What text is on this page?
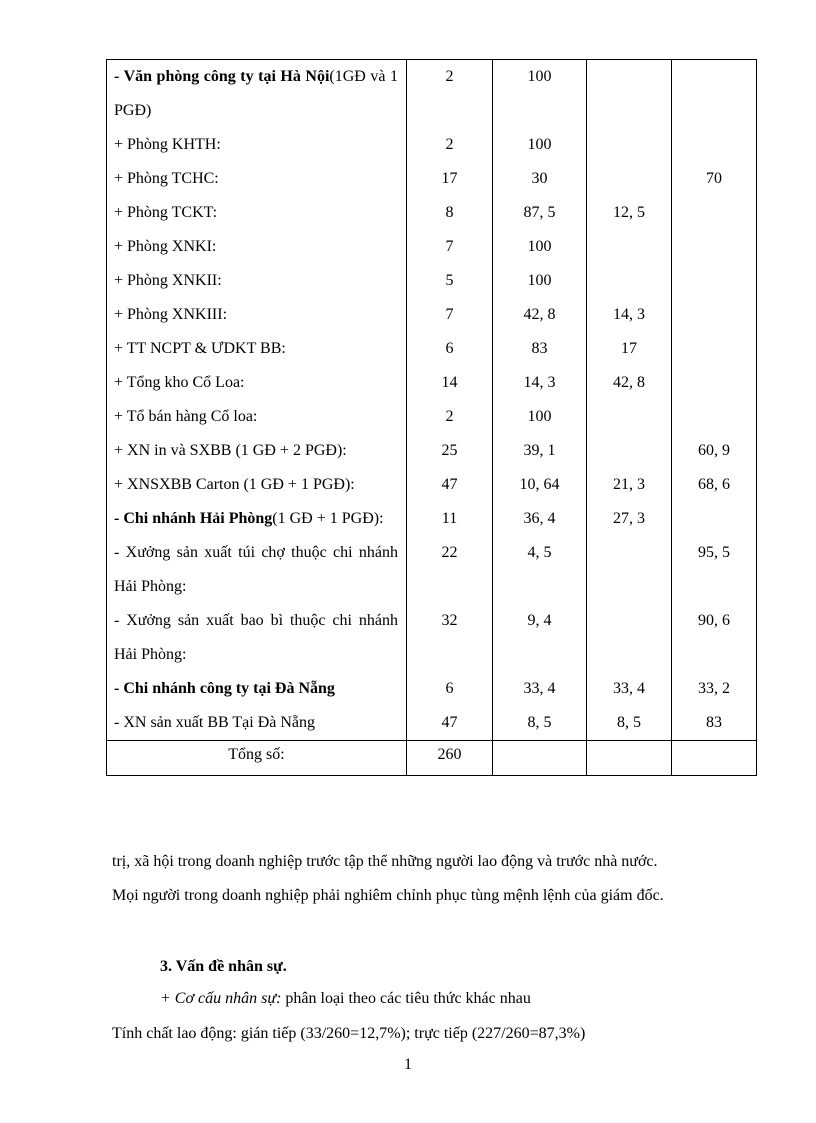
- Văn phòng công ty tại Hà Nội(1GĐ và 1 PGĐ)	2	100		
+ Phòng KHTH:	2	100		
+ Phòng TCHC:	17	30		70
+ Phòng TCKT:	8	87, 5	12, 5	
+ Phòng XNKI:	7	100		
+ Phòng XNKII:	5	100		
+ Phòng XNKIII:	7	42, 8	14, 3	
+ TT NCPT & ƯDKT BB:	6	83	17	
+ Tổng kho Cổ Loa:	14	14, 3	42, 8	
+ Tổ bán hàng Cổ loa:	2	100		
+ XN in và SXBB (1 GĐ + 2 PGĐ):	25	39, 1		60, 9
+ XNSXBB Carton (1 GĐ + 1 PGĐ):	47	10, 64	21, 3	68, 6
- Chi nhánh Hải Phòng(1 GĐ + 1 PGĐ):	11	36, 4	27, 3	
- Xưởng sản xuất túi chợ thuộc chi nhánh Hải Phòng:	22	4, 5		95, 5
- Xưởng sản xuất bao bì thuộc chi nhánh Hải Phòng:	32	9, 4		90, 6
- Chi nhánh công ty tại Đà Nẵng	6	33, 4	33, 4	33, 2
- XN sản xuất BB Tại Đà Nẵng	47	8, 5	8, 5	83
Tổng số:	260			
trị, xã hội trong doanh nghiệp trước tập thể những người lao động và trước nhà nước.
Mọi người trong doanh nghiệp phải nghiêm chỉnh phục tùng mệnh lệnh của giám đốc.
3. Vấn đề nhân sự.
+ Cơ cấu nhân sự: phân loại theo các tiêu thức khác nhau
Tính chất lao động: gián tiếp (33/260=12,7%); trực tiếp (227/260=87,3%)
1
